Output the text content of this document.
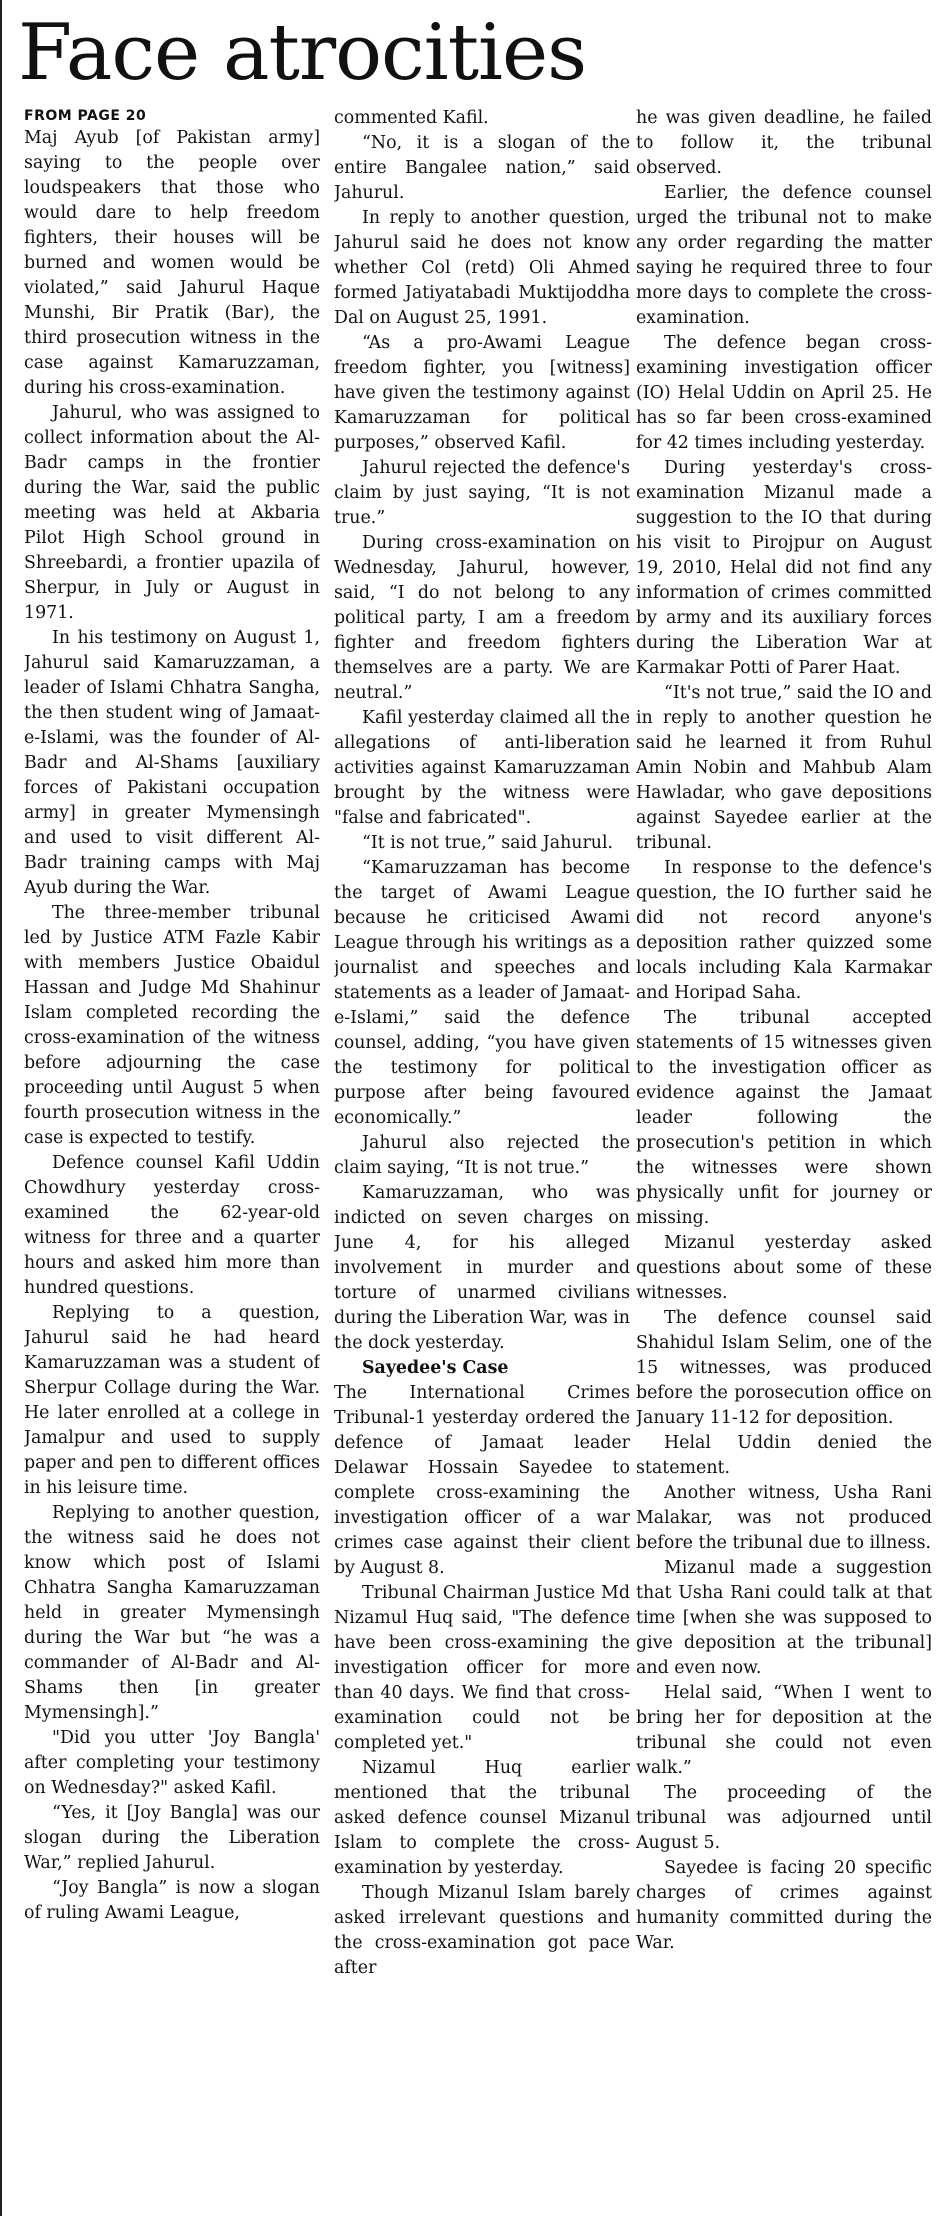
Face atrocities
FROM PAGE 20

Maj Ayub [of Pakistan army] saying to the people over loudspeakers that those who would dare to help freedom fighters, their houses will be burned and women would be violated,” said Jahurul Haque Munshi, Bir Pratik (Bar), the third prosecution witness in the case against Kamaruzzaman, during his cross-examination.

Jahurul, who was assigned to collect information about the Al-Badr camps in the frontier during the War, said the public meeting was held at Akbaria Pilot High School ground in Shreebardi, a frontier upazila of Sherpur, in July or August in 1971.

In his testimony on August 1, Jahurul said Kamaruzzaman, a leader of Islami Chhatra Sangha, the then student wing of Jamaat-e-Islami, was the founder of Al-Badr and Al-Shams [auxiliary forces of Pakistani occupation army] in greater Mymensingh and used to visit different Al-Badr training camps with Maj Ayub during the War.

The three-member tribunal led by Justice ATM Fazle Kabir with members Justice Obaidul Hassan and Judge Md Shahinur Islam completed recording the cross-examination of the witness before adjourning the case proceeding until August 5 when fourth prosecution witness in the case is expected to testify.

Defence counsel Kafil Uddin Chowdhury yesterday cross-examined the 62-year-old witness for three and a quarter hours and asked him more than hundred questions.

Replying to a question, Jahurul said he had heard Kamaruzzaman was a student of Sherpur Collage during the War. He later enrolled at a college in Jamalpur and used to supply paper and pen to different offices in his leisure time.

Replying to another question, the witness said he does not know which post of Islami Chhatra Sangha Kamaruzzaman held in greater Mymensingh during the War but “he was a commander of Al-Badr and Al-Shams then [in greater Mymensingh].”

"Did you utter 'Joy Bangla' after completing your testimony on Wednesday?" asked Kafil.

“Yes, it [Joy Bangla] was our slogan during the Liberation War,” replied Jahurul.

“Joy Bangla” is now a slogan of ruling Awami League,

commented Kafil.

“No, it is a slogan of the entire Bangalee nation,” said Jahurul.

In reply to another question, Jahurul said he does not know whether Col (retd) Oli Ahmed formed Jatiyatabadi Muktijoddha Dal on August 25, 1991.

“As a pro-Awami League freedom fighter, you [witness] have given the testimony against Kamaruzzaman for political purposes,” observed Kafil.

Jahurul rejected the defence's claim by just saying, “It is not true.”

During cross-examination on Wednesday, Jahurul, however, said, “I do not belong to any political party, I am a freedom fighter and freedom fighters themselves are a party. We are neutral.”

Kafil yesterday claimed all the allegations of anti-liberation activities against Kamaruzzaman brought by the witness were "false and fabricated".

“It is not true,” said Jahurul.

“Kamaruzzaman has become the target of Awami League because he criticised Awami League through his writings as a journalist and speeches and statements as a leader of Jamaat-e-Islami,” said the defence counsel, adding, “you have given the testimony for political purpose after being favoured economically.”

Jahurul also rejected the claim saying, “It is not true.”

Kamaruzzaman, who was indicted on seven charges on June 4, for his alleged involvement in murder and torture of unarmed civilians during the Liberation War, was in the dock yesterday.

Sayedee's Case

The International Crimes Tribunal-1 yesterday ordered the defence of Jamaat leader Delawar Hossain Sayedee to complete cross-examining the investigation officer of a war crimes case against their client by August 8.

Tribunal Chairman Justice Md Nizamul Huq said, "The defence have been cross-examining the investigation officer for more than 40 days. We find that cross-examination could not be completed yet."

Nizamul Huq earlier mentioned that the tribunal asked defence counsel Mizanul Islam to complete the cross-examination by yesterday.

Though Mizanul Islam barely asked irrelevant questions and the cross-examination got pace after

he was given deadline, he failed to follow it, the tribunal observed.

Earlier, the defence counsel urged the tribunal not to make any order regarding the matter saying he required three to four more days to complete the cross-examination.

The defence began cross-examining investigation officer (IO) Helal Uddin on April 25. He has so far been cross-examined for 42 times including yesterday.

During yesterday's cross-examination Mizanul made a suggestion to the IO that during his visit to Pirojpur on August 19, 2010, Helal did not find any information of crimes committed by army and its auxiliary forces during the Liberation War at Karmakar Potti of Parer Haat.

“It's not true,” said the IO and in reply to another question he said he learned it from Ruhul Amin Nobin and Mahbub Alam Hawladar, who gave depositions against Sayedee earlier at the tribunal.

In response to the defence's question, the IO further said he did not record anyone's deposition rather quizzed some locals including Kala Karmakar and Horipad Saha.

The tribunal accepted statements of 15 witnesses given to the investigation officer as evidence against the Jamaat leader following the prosecution's petition in which the witnesses were shown physically unfit for journey or missing.

Mizanul yesterday asked questions about some of these witnesses.

The defence counsel said Shahidul Islam Selim, one of the 15 witnesses, was produced before the porosecution office on January 11-12 for deposition.

Helal Uddin denied the statement.

Another witness, Usha Rani Malakar, was not produced before the tribunal due to illness.

Mizanul made a suggestion that Usha Rani could talk at that time [when she was supposed to give deposition at the tribunal] and even now.

Helal said, “When I went to bring her for deposition at the tribunal she could not even walk.”

The proceeding of the tribunal was adjourned until August 5.

Sayedee is facing 20 specific charges of crimes against humanity committed during the War.
